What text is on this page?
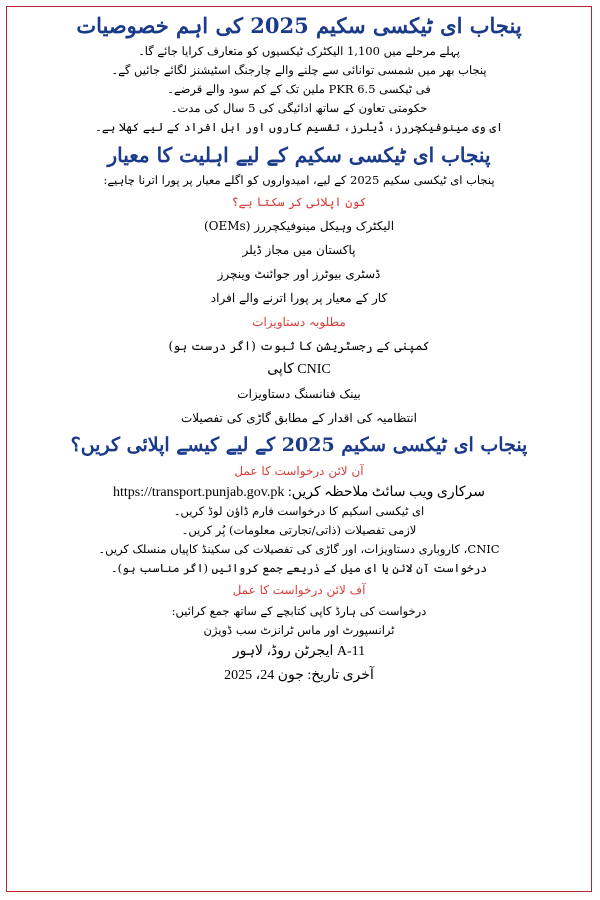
پنجاب ای ٹیکسی سکیم 2025 کی اہم خصوصیات

پہلے مرحلے میں 1,100 الیکٹرک ٹیکسیوں کو متعارف کرایا جائے گا۔

پنجاب بھر میں شمسی توانائی سے چلنے والے چارجنگ اسٹیشنز لگائے جائیں گے۔

فی ٹیکسی 6.5 PKR ملین تک کے کم سود والے قرضے۔

حکومتی تعاون کے ساتھ ادائیگی کی 5 سال کی مدت۔

ای وی مینوفیکچررز، ڈیلرز، تقسیم کاروں اور اہل افراد کے لیے کھلا ہے۔

پنجاب ای ٹیکسی سکیم کے لیے اہلیت کا معیار

پنجاب ای ٹیکسی سکیم 2025 کے لیے، امیدواروں کو اگلے معیار پر پورا اترنا چاہیے:

کون اپلائی کر سکتا ہے؟

الیکٹرک وہیکل مینوفیکچررز (OEMs)

پاکستان میں مجاز ڈیلر

ڈسٹری بیوٹرز اور جوائنٹ وینچرز

کار کے معیار پر پورا اترنے والے افراد

مطلوبہ دستاویزات

کمپنی کے رجسٹریشن کا ثبوت (اگر درست ہو)

CNIC کاپی

بینک فنانسنگ دستاویزات

انتظامیہ کی اقدار کے مطابق گاڑی کی تفصیلات

پنجاب ای ٹیکسی سکیم 2025 کے لیے کیسے اپلائی کریں؟
آن لائن درخواست کا عمل

سرکاری ویب سائٹ ملاحظہ کریں: https://transport.punjab.gov.pk

ای ٹیکسی اسکیم کا درخواست فارم ڈاؤن لوڈ کریں۔

لازمی تفصیلات (ذاتی/تجارتی معلومات) پُر کریں۔

CNIC، کاروباری دستاویزات، اور گاڑی کی تفصیلات کی سکینڈ کاپیاں منسلک کریں۔

درخواست آن لائن یا ای میل کے ذریعے جمع کروائیں (اگر مناسب ہو)۔

آف لائن درخواست کا عمل

درخواست کی ہارڈ کاپی کتابچے کے ساتھ جمع کرائیں:

ٹرانسپورٹ اور ماس ٹرانزٹ سب ڈویژن

A-11 ایجرٹن روڈ، لاہور

آخری تاریخ: جون 24، 2025
